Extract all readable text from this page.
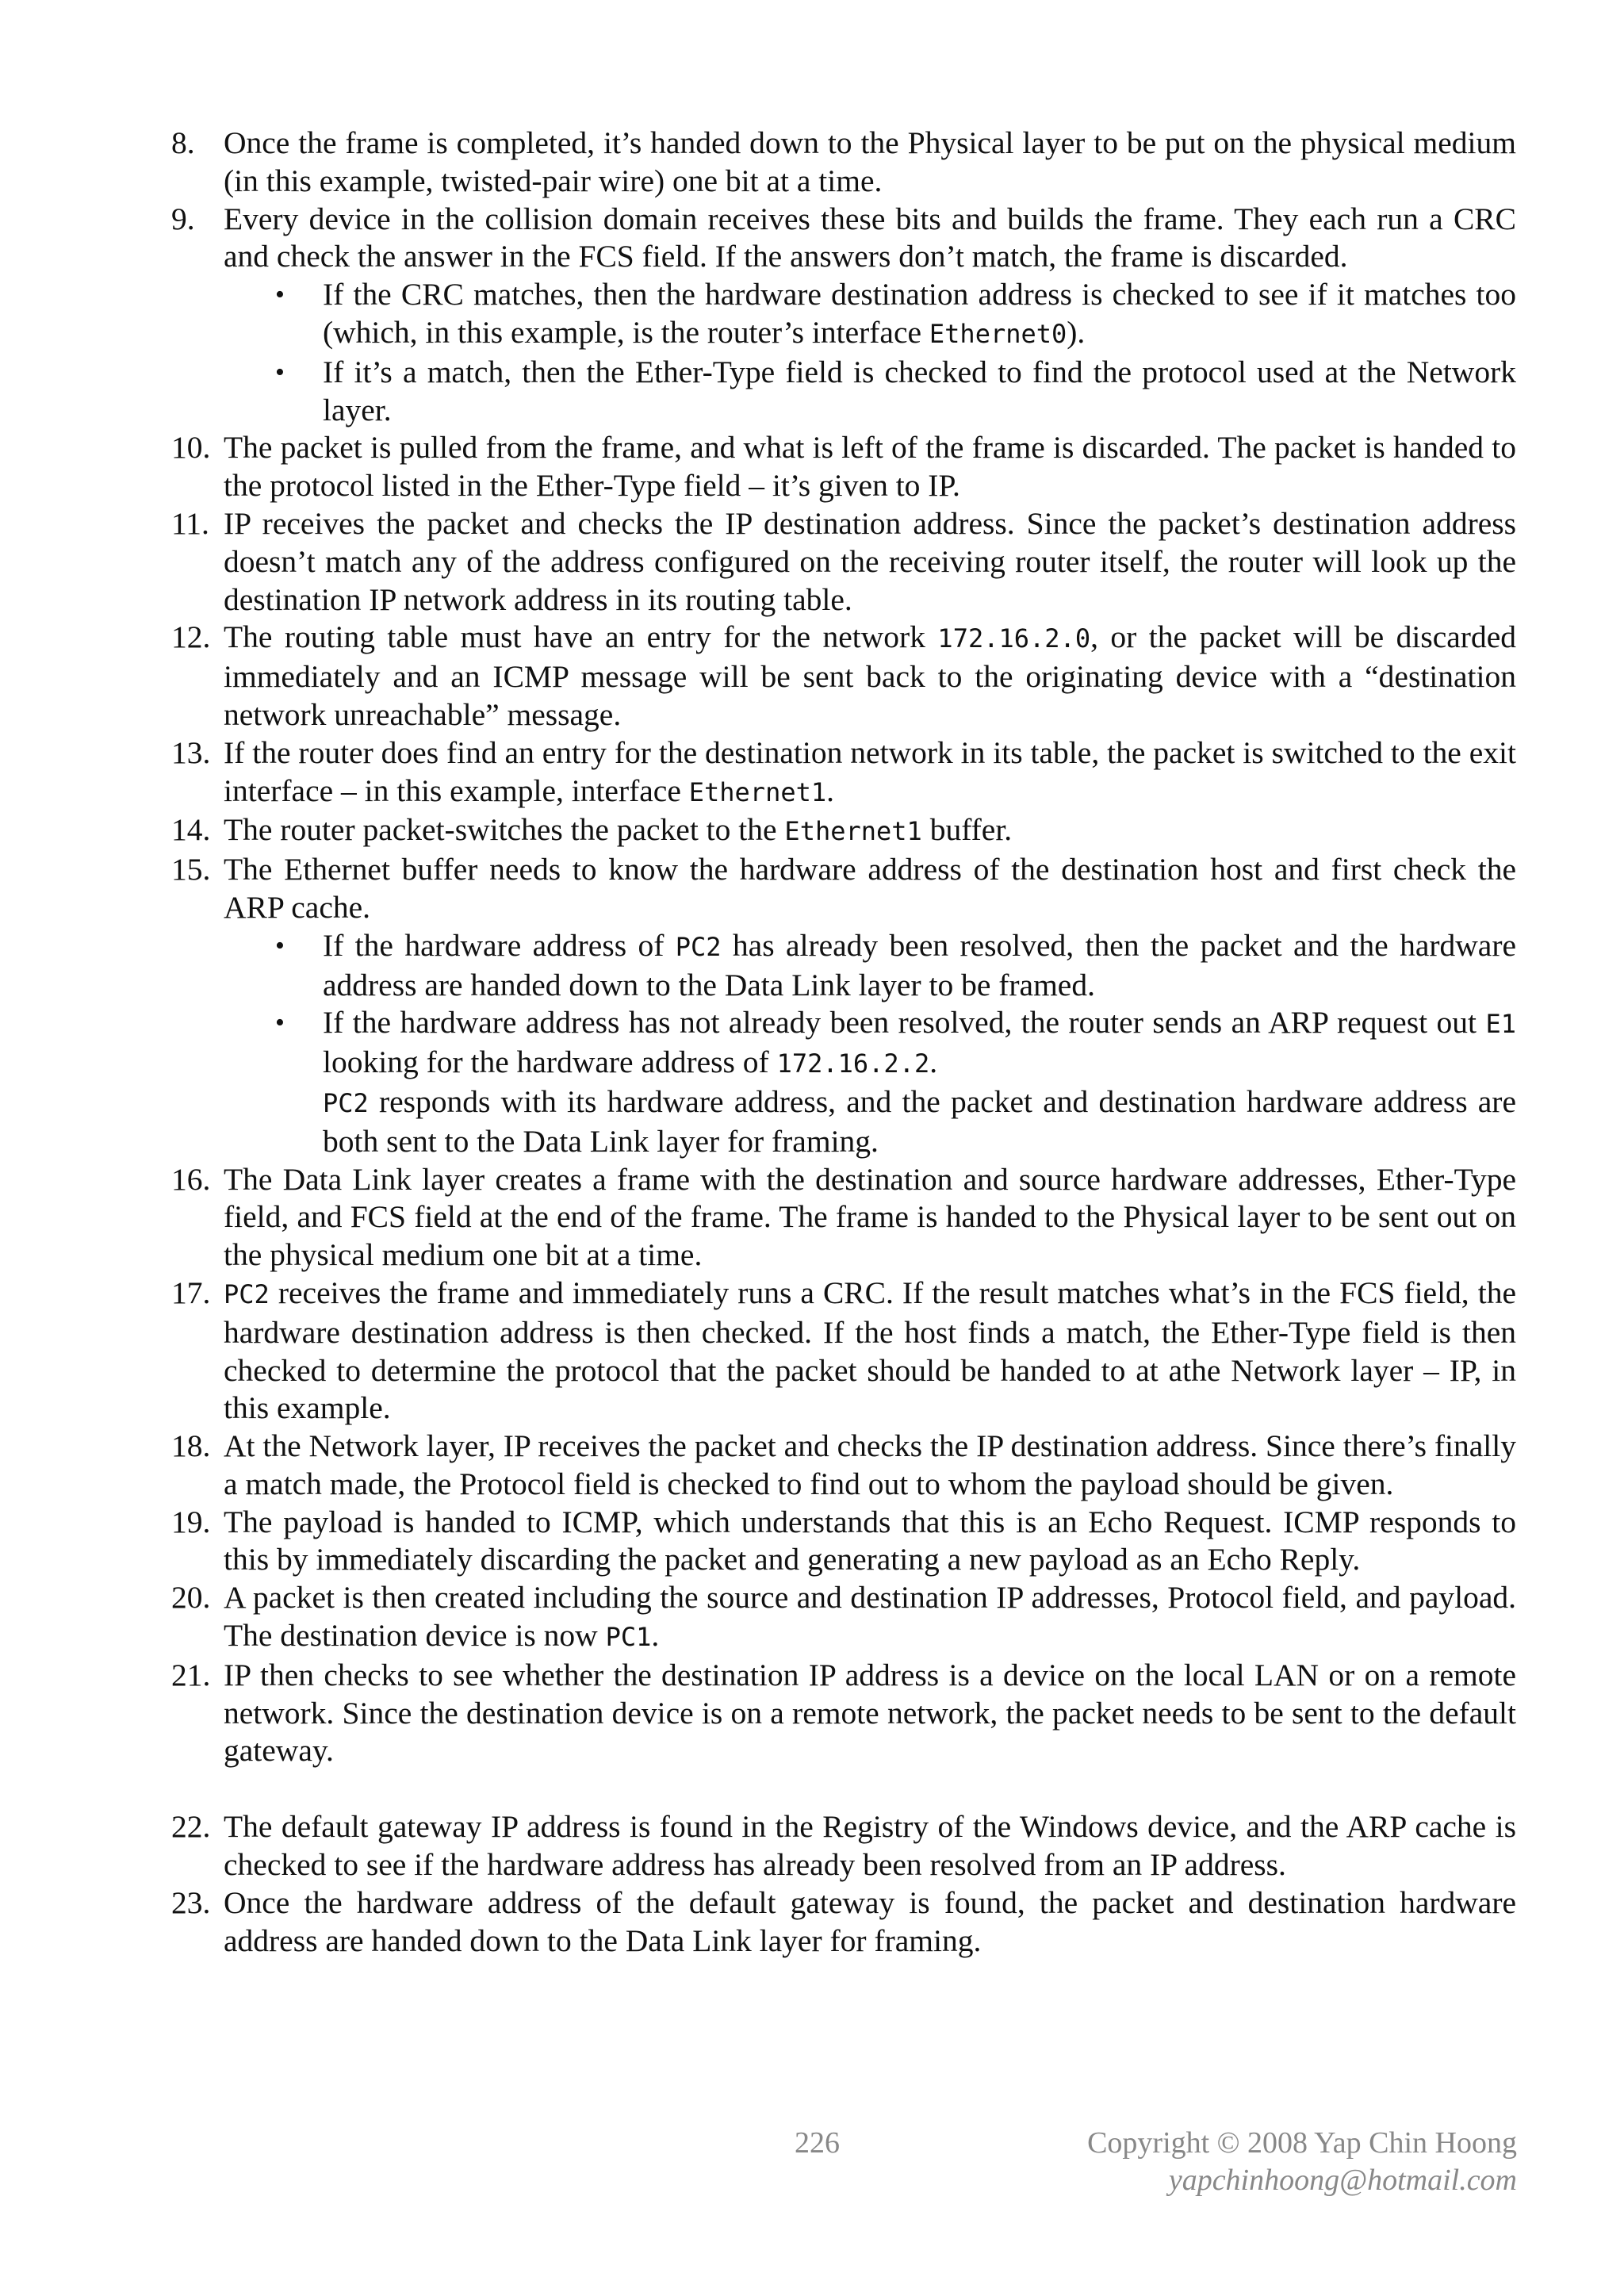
8. Once the frame is completed, it’s handed down to the Physical layer to be put on the physical medium (in this example, twisted-pair wire) one bit at a time.
9. Every device in the collision domain receives these bits and builds the frame. They each run a CRC and check the answer in the FCS field. If the answers don’t match, the frame is discarded.
• If the CRC matches, then the hardware destination address is checked to see if it matches too (which, in this example, is the router’s interface Ethernet0).
• If it’s a match, then the Ether-Type field is checked to find the protocol used at the Network layer.
10. The packet is pulled from the frame, and what is left of the frame is discarded. The packet is handed to the protocol listed in the Ether-Type field – it’s given to IP.
11. IP receives the packet and checks the IP destination address. Since the packet’s destination address doesn’t match any of the address configured on the receiving router itself, the router will look up the destination IP network address in its routing table.
12. The routing table must have an entry for the network 172.16.2.0, or the packet will be discarded immediately and an ICMP message will be sent back to the originating device with a “destination network unreachable” message.
13. If the router does find an entry for the destination network in its table, the packet is switched to the exit interface – in this example, interface Ethernet1.
14. The router packet-switches the packet to the Ethernet1 buffer.
15. The Ethernet buffer needs to know the hardware address of the destination host and first check the ARP cache.
• If the hardware address of PC2 has already been resolved, then the packet and the hardware address are handed down to the Data Link layer to be framed.
• If the hardware address has not already been resolved, the router sends an ARP request out E1 looking for the hardware address of 172.16.2.2.
PC2 responds with its hardware address, and the packet and destination hardware address are both sent to the Data Link layer for framing.
16. The Data Link layer creates a frame with the destination and source hardware addresses, Ether-Type field, and FCS field at the end of the frame. The frame is handed to the Physical layer to be sent out on the physical medium one bit at a time.
17. PC2 receives the frame and immediately runs a CRC. If the result matches what’s in the FCS field, the hardware destination address is then checked. If the host finds a match, the Ether-Type field is then checked to determine the protocol that the packet should be handed to at athe Network layer – IP, in this example.
18. At the Network layer, IP receives the packet and checks the IP destination address. Since there’s finally a match made, the Protocol field is checked to find out to whom the payload should be given.
19. The payload is handed to ICMP, which understands that this is an Echo Request. ICMP responds to this by immediately discarding the packet and generating a new payload as an Echo Reply.
20. A packet is then created including the source and destination IP addresses, Protocol field, and payload. The destination device is now PC1.
21. IP then checks to see whether the destination IP address is a device on the local LAN or on a remote network. Since the destination device is on a remote network, the packet needs to be sent to the default gateway.
22. The default gateway IP address is found in the Registry of the Windows device, and the ARP cache is checked to see if the hardware address has already been resolved from an IP address.
23. Once the hardware address of the default gateway is found, the packet and destination hardware address are handed down to the Data Link layer for framing.
226	Copyright © 2008 Yap Chin Hoong
yapchinhoong@hotmail.com
